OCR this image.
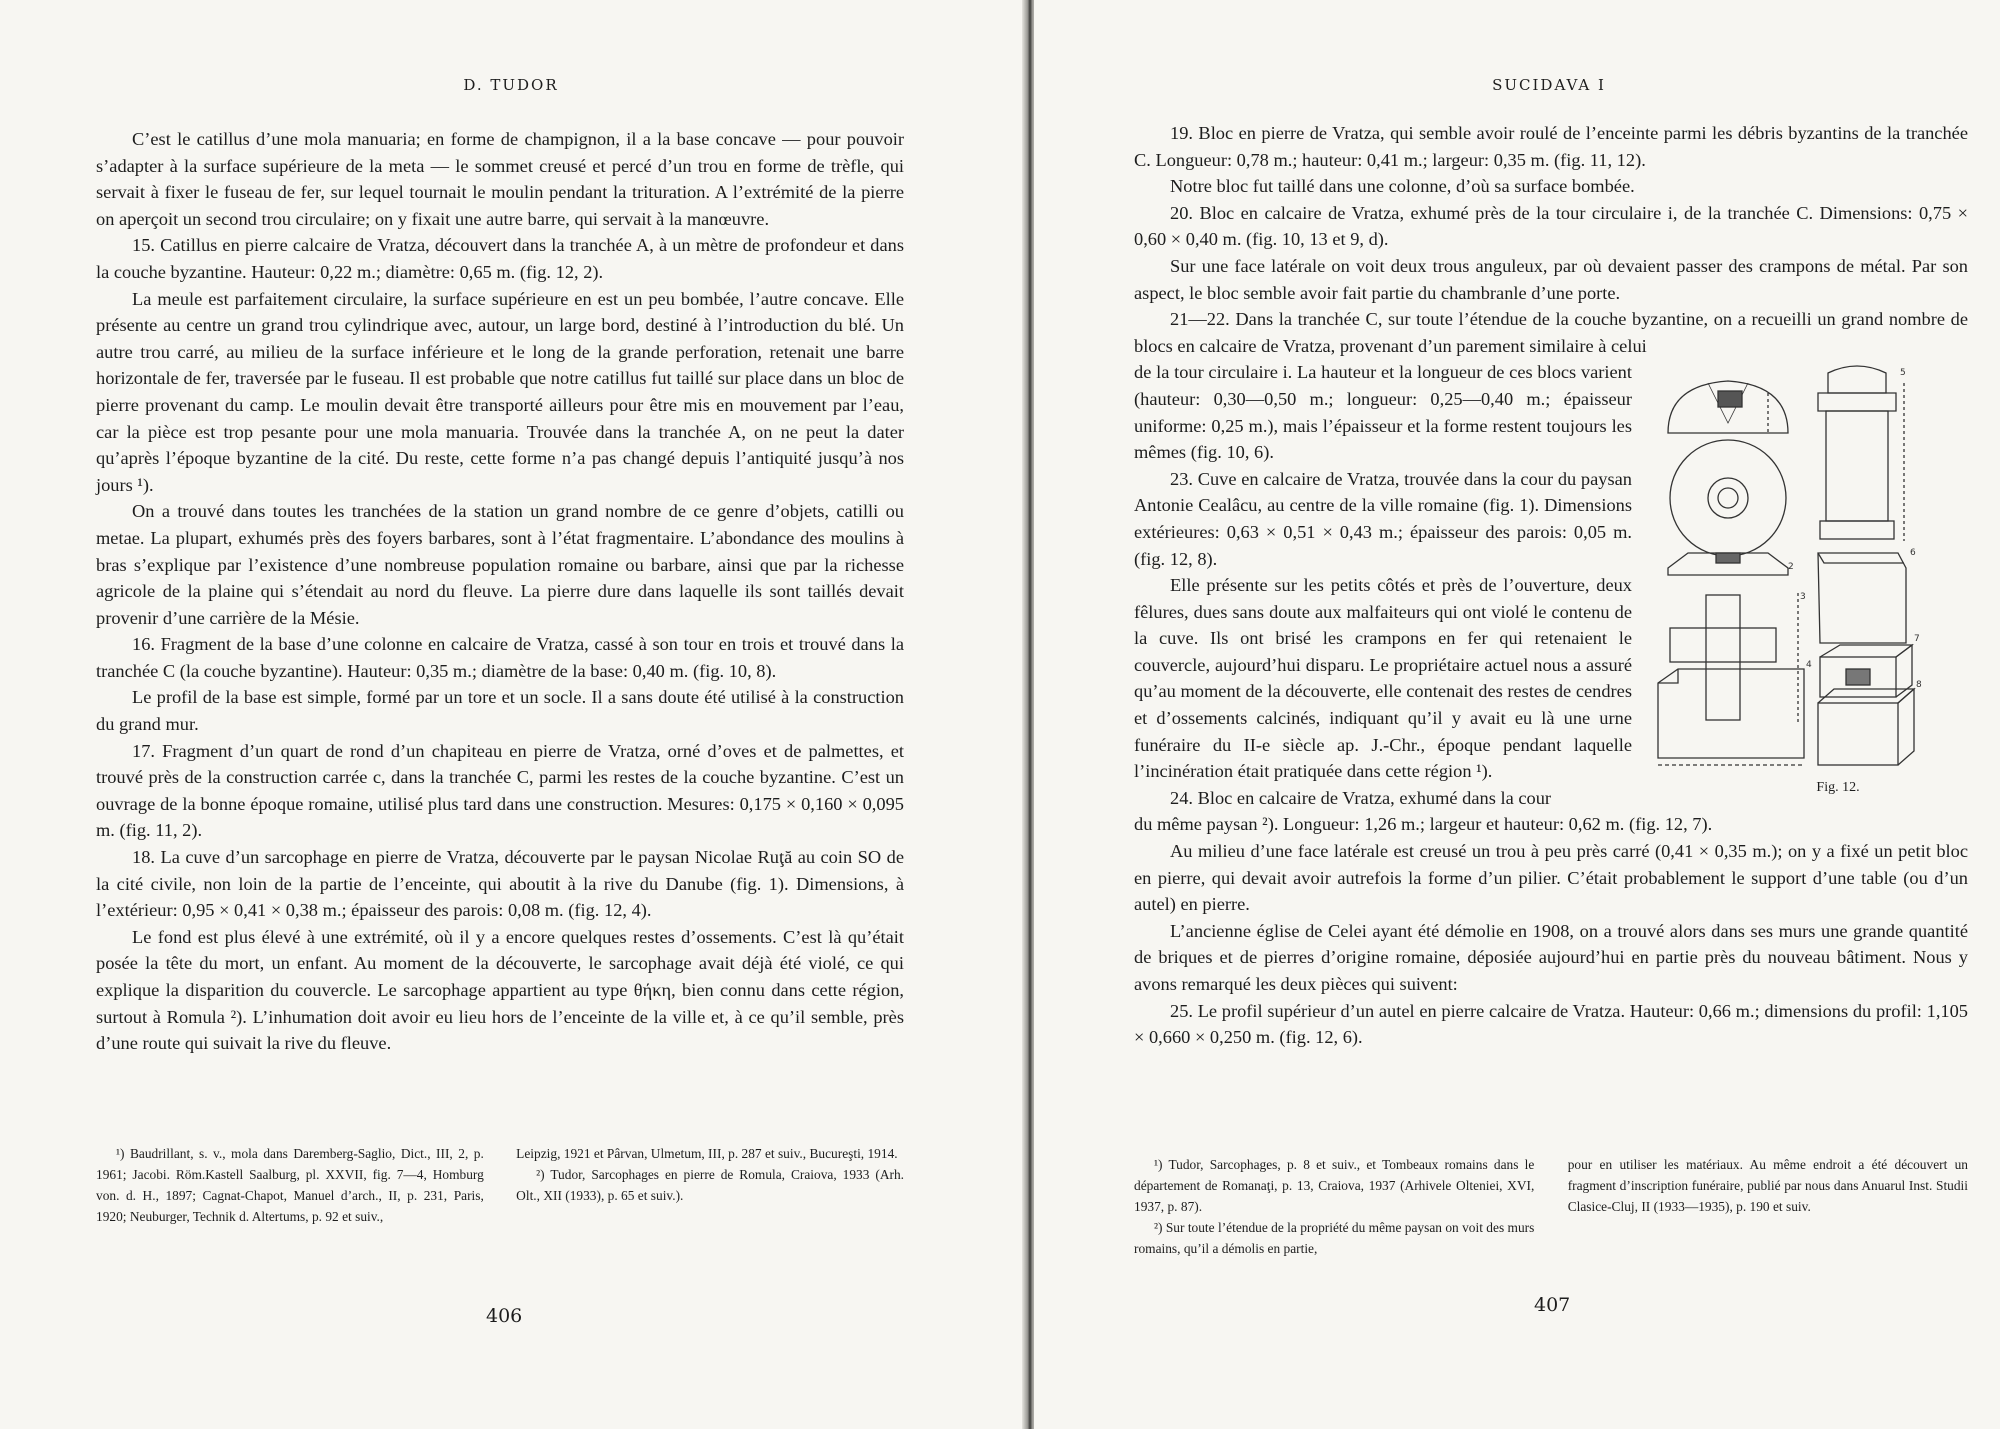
D. TUDOR

C’est le catillus d’une mola manuaria; en forme de champignon, il a la base concave — pour pouvoir s’adapter à la surface supérieure de la meta — le sommet creusé et percé d’un trou en forme de trèfle, qui servait à fixer le fuseau de fer, sur lequel tournait le moulin pendant la trituration. A l’extrémité de la pierre on aperçoit un second trou circulaire; on y fixait une autre barre, qui servait à la manœuvre.

15. Catillus en pierre calcaire de Vratza, découvert dans la tranchée A, à un mètre de profondeur et dans la couche byzantine. Hauteur: 0,22 m.; diamètre: 0,65 m. (fig. 12, 2).

La meule est parfaitement circulaire, la surface supérieure en est un peu bombée, l’autre concave. Elle présente au centre un grand trou cylindrique avec, autour, un large bord, destiné à l’introduction du blé. Un autre trou carré, au milieu de la surface inférieure et le long de la grande perforation, retenait une barre horizontale de fer, traversée par le fuseau. Il est probable que notre catillus fut taillé sur place dans un bloc de pierre provenant du camp. Le moulin devait être transporté ailleurs pour être mis en mouvement par l’eau, car la pièce est trop pesante pour une mola manuaria. Trouvée dans la tranchée A, on ne peut la dater qu’après l’époque byzantine de la cité. Du reste, cette forme n’a pas changé depuis l’antiquité jusqu’à nos jours ¹).

On a trouvé dans toutes les tranchées de la station un grand nombre de ce genre d’objets, catilli ou metae. La plupart, exhumés près des foyers barbares, sont à l’état fragmentaire. L’abondance des moulins à bras s’explique par l’existence d’une nombreuse population romaine ou barbare, ainsi que par la richesse agricole de la plaine qui s’étendait au nord du fleuve. La pierre dure dans laquelle ils sont taillés devait provenir d’une carrière de la Mésie.

16. Fragment de la base d’une colonne en calcaire de Vratza, cassé à son tour en trois et trouvé dans la tranchée C (la couche byzantine). Hauteur: 0,35 m.; diamètre de la base: 0,40 m. (fig. 10, 8).

Le profil de la base est simple, formé par un tore et un socle. Il a sans doute été utilisé à la construction du grand mur.

17. Fragment d’un quart de rond d’un chapiteau en pierre de Vratza, orné d’oves et de palmettes, et trouvé près de la construction carrée c, dans la tranchée C, parmi les restes de la couche byzantine. C’est un ouvrage de la bonne époque romaine, utilisé plus tard dans une construction. Mesures: 0,175 × 0,160 × 0,095 m. (fig. 11, 2).

18. La cuve d’un sarcophage en pierre de Vratza, découverte par le paysan Nicolae Ruţă au coin SO de la cité civile, non loin de la partie de l’enceinte, qui aboutit à la rive du Danube (fig. 1). Dimensions, à l’extérieur: 0,95 × 0,41 × 0,38 m.; épaisseur des parois: 0,08 m. (fig. 12, 4).

Le fond est plus élevé à une extrémité, où il y a encore quelques restes d’ossements. C’est là qu’était posée la tête du mort, un enfant. Au moment de la découverte, le sarcophage avait déjà été violé, ce qui explique la disparition du couvercle. Le sarcophage appartient au type θήκη, bien connu dans cette région, surtout à Romula ²). L’inhumation doit avoir eu lieu hors de l’enceinte de la ville et, à ce qu’il semble, près d’une route qui suivait la rive du fleuve.

¹) Baudrillant, s. v., mola dans Daremberg-Saglio, Dict., III, 2, p. 1961; Jacobi. Röm.Kastell Saalburg, pl. XXVII, fig. 7—4, Homburg von. d. H., 1897; Cagnat-Chapot, Manuel d’arch., II, p. 231, Paris, 1920; Neuburger, Technik d. Altertums, p. 92 et suiv.,

Leipzig, 1921 et Pârvan, Ulmetum, III, p. 287 et suiv., Bucureşti, 1914.

²) Tudor, Sarcophages en pierre de Romula, Craiova, 1933 (Arh. Olt., XII (1933), p. 65 et suiv.).

406
SUCIDAVA I

19. Bloc en pierre de Vratza, qui semble avoir roulé de l’enceinte parmi les débris byzantins de la tranchée C. Longueur: 0,78 m.; hauteur: 0,41 m.; largeur: 0,35 m. (fig. 11, 12).

Notre bloc fut taillé dans une colonne, d’où sa surface bombée.

20. Bloc en calcaire de Vratza, exhumé près de la tour circulaire i, de la tranchée C. Dimensions: 0,75 × 0,60 × 0,40 m. (fig. 10, 13 et 9, d).

Sur une face latérale on voit deux trous anguleux, par où devaient passer des crampons de métal. Par son aspect, le bloc semble avoir fait partie du chambranle d’une porte.

21—22. Dans la tranchée C, sur toute l’étendue de la couche byzantine, on a recueilli un grand nombre de blocs en calcaire de Vratza, provenant d’un parement similaire à celui

5
2
3
4
6
7
8
Fig. 12.

de la tour circulaire i. La hauteur et la longueur de ces blocs varient (hauteur: 0,30—0,50 m.; longueur: 0,25—0,40 m.; épaisseur uniforme: 0,25 m.), mais l’épaisseur et la forme restent toujours les mêmes (fig. 10, 6).

23. Cuve en calcaire de Vratza, trouvée dans la cour du paysan Antonie Cealâcu, au centre de la ville romaine (fig. 1). Dimensions extérieures: 0,63 × 0,51 × 0,43 m.; épaisseur des parois: 0,05 m. (fig. 12, 8).

Elle présente sur les petits côtés et près de l’ouverture, deux fêlures, dues sans doute aux malfaiteurs qui ont violé le contenu de la cuve. Ils ont brisé les crampons en fer qui retenaient le couvercle, aujourd’hui disparu. Le propriétaire actuel nous a assuré qu’au moment de la découverte, elle contenait des restes de cendres et d’ossements calcinés, indiquant qu’il y avait eu là une urne funéraire du II-e siècle ap. J.-Chr., époque pendant laquelle l’incinération était pratiquée dans cette région ¹).

24. Bloc en calcaire de Vratza, exhumé dans la cour

du même paysan ²). Longueur: 1,26 m.; largeur et hauteur: 0,62 m. (fig. 12, 7).

Au milieu d’une face latérale est creusé un trou à peu près carré (0,41 × 0,35 m.); on y a fixé un petit bloc en pierre, qui devait avoir autrefois la forme d’un pilier. C’était probablement le support d’une table (ou d’un autel) en pierre.

L’ancienne église de Celei ayant été démolie en 1908, on a trouvé alors dans ses murs une grande quantité de briques et de pierres d’origine romaine, déposiée aujourd’hui en partie près du nouveau bâtiment. Nous y avons remarqué les deux pièces qui suivent:

25. Le profil supérieur d’un autel en pierre calcaire de Vratza. Hauteur: 0,66 m.; dimensions du profil: 1,105 × 0,660 × 0,250 m. (fig. 12, 6).

¹) Tudor, Sarcophages, p. 8 et suiv., et Tombeaux romains dans le département de Romanaţi, p. 13, Craiova, 1937 (Arhivele Olteniei, XVI, 1937, p. 87).

²) Sur toute l’étendue de la propriété du même paysan on voit des murs romains, qu’il a démolis en partie,

pour en utiliser les matériaux. Au même endroit a été découvert un fragment d’inscription funéraire, publié par nous dans Anuarul Inst. Studii Clasice-Cluj, II (1933—1935), p. 190 et suiv.

407
